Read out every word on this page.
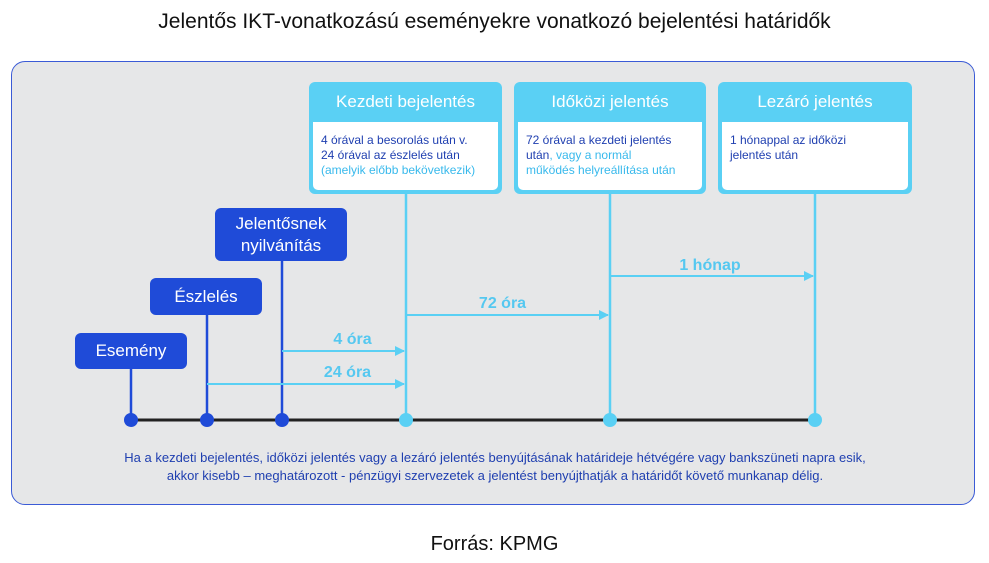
Jelentős IKT-vonatkozású eseményekre vonatkozó bejelentési határidők
Esemény
Észlelés
Jelentősnek nyilvánítás
Kezdeti bejelentés
4 órával a besorolás után v.
24 órával az észlelés után
(amelyik előbb bekövetkezik)
Időközi jelentés
72 órával a kezdeti jelentés
után, vagy a normál
működés helyreállítása után
Lezáró jelentés
1 hónappal az időközi
jelentés után
4 óra
24 óra
72 óra
1 hónap
Ha a kezdeti bejelentés, időközi jelentés vagy a lezáró jelentés benyújtásának határideje hétvégére vagy bankszüneti napra esik,
akkor kisebb – meghatározott - pénzügyi szervezetek a jelentést benyújthatják a határidőt követő munkanap délig.
Forrás: KPMG
